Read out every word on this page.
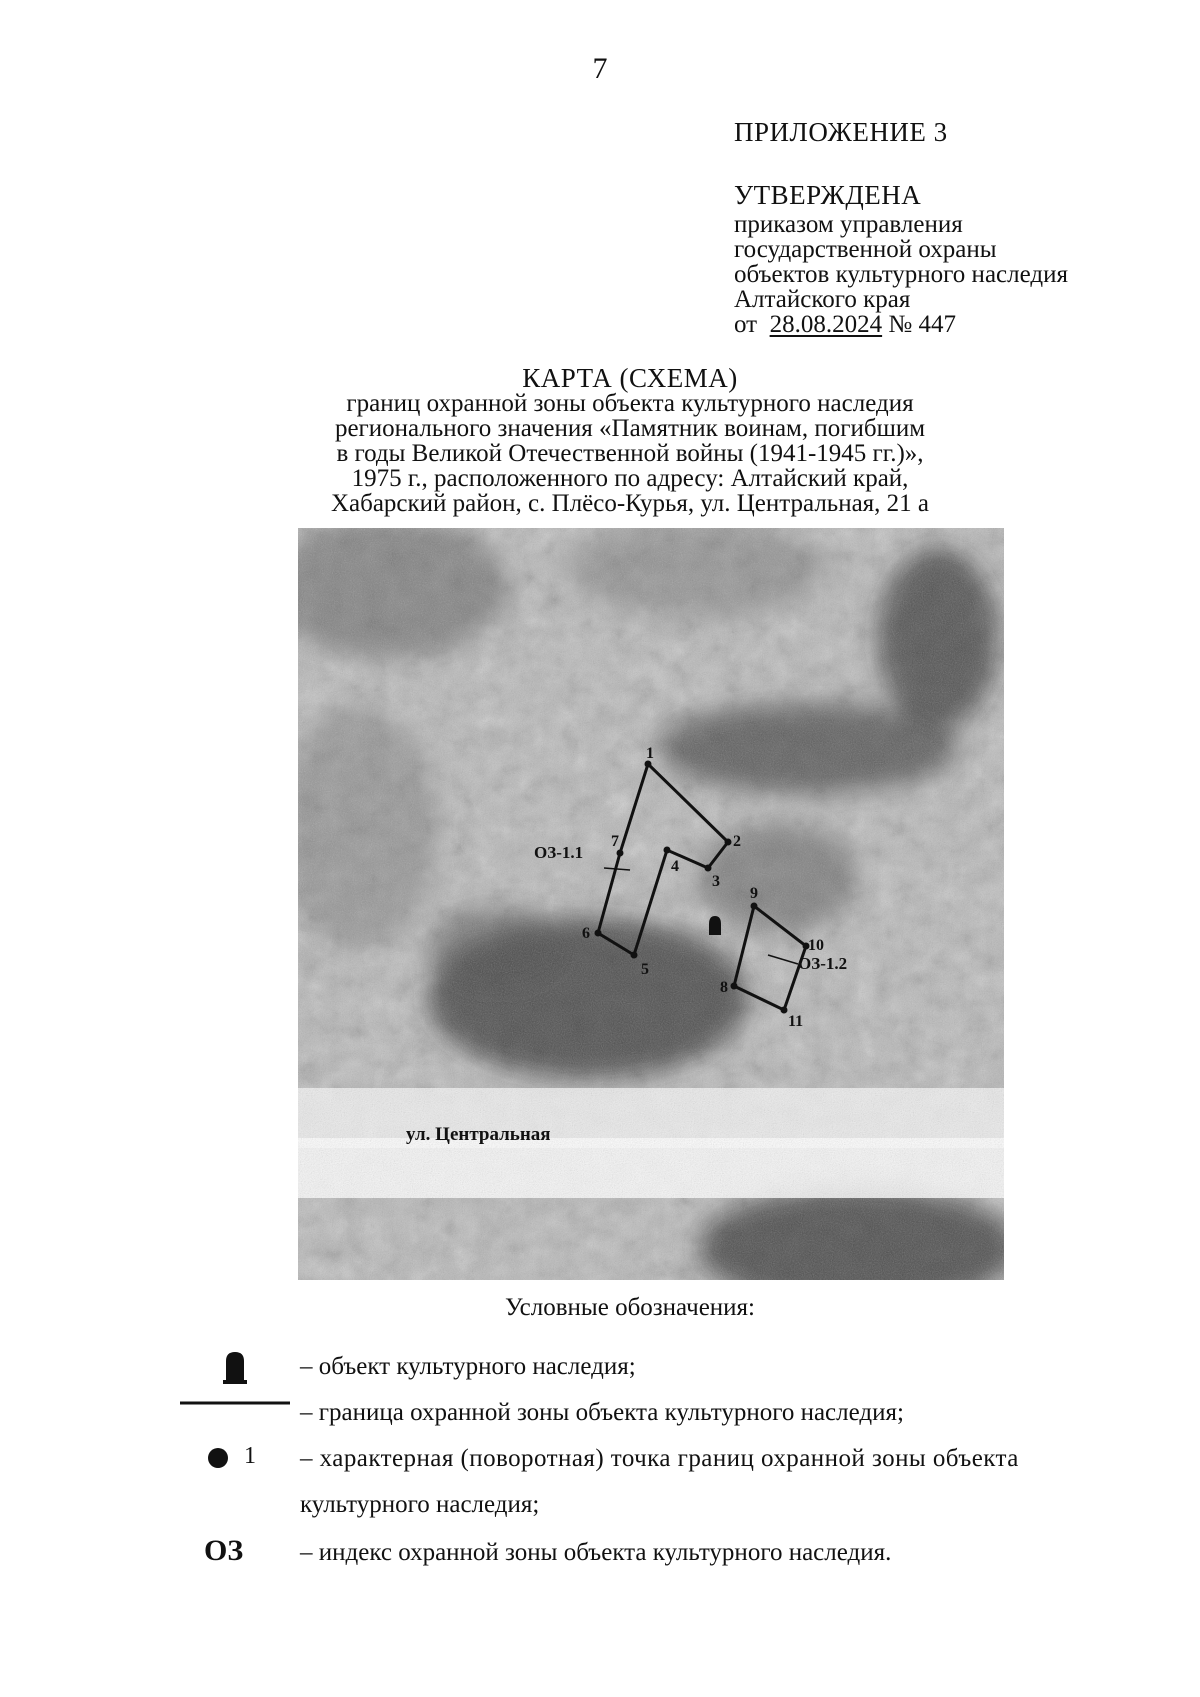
7
ПРИЛОЖЕНИЕ 3
УТВЕРЖДЕНА
приказом управления
государственной охраны
объектов культурного наследия
Алтайского края
от 28.08.2024 № 447
КАРТА (СХЕМА)
границ охранной зоны объекта культурного наследия
регионального значения «Памятник воинам, погибшим
в годы Великой Отечественной войны (1941-1945 гг.)»,
1975 г., расположенного по адресу: Алтайский край,
Хабарский район, с. Плёсо-Курья, ул. Центральная, 21 а
1
2
3
4
5
6
7
8
9
10
11
ОЗ-1.1
ОЗ-1.2
ул. Центральная
Условные обозначения:
– объект культурного наследия;
– граница охранной зоны объекта культурного наследия;
1 – характерная (поворотная) точка границ охранной зоны объекта
культурного наследия;
ОЗ – индекс охранной зоны объекта культурного наследия.
